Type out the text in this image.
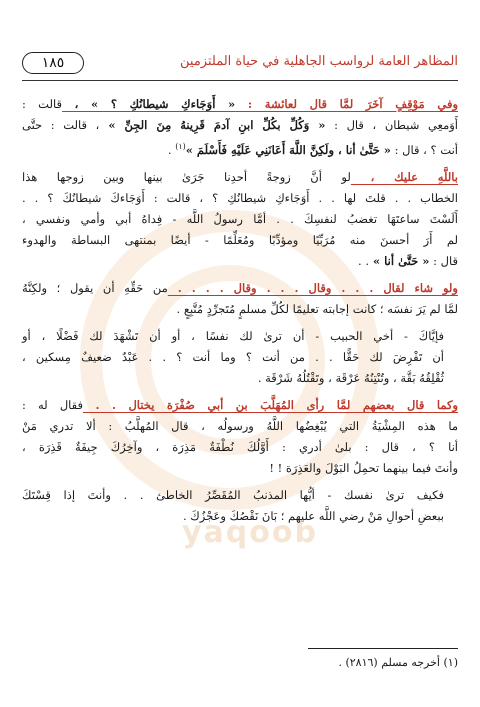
yaqoob
المظاهر العامة لرواسب الجاهلية في حياة الملتزمين
١٨٥

وفي مَوْقِفٍ آخَرَ لمَّا قال لعائشة : « أَوَجَاءكِ شيطانُكِ ؟ » ، قالت :

أَوَمعِي شيطان ، قال : « وَكُلِّ بكُلِّ ابنِ آدمَ قَرِينهُ مِنَ الجِنِّ » ، قالت : حتَّى

أنت ؟ ، قال : « حَتَّىٰ أنا ، ولَكِنَّ اللَّهَ أَعَانَنِي عَلَيْهِ فَأَسْلَمَ »$^{(١)}$ .

باللَّهِ عليك ، لو أنَّ زوجةً أحدِنا جَرَىٰ بينها وبين زوجها هذا

الخطاب . . قلتَ لها . . أَوَجَاءكِ شيطانُكِ ؟ ، قالت : أَوَجَاءكَ شيطانُكَ ؟ . .

أَلَسْتَ ساعتَهَا تغضبُ لنفسِكَ . . أمَّا رسولُ اللَّه - فِداهُ أبي وأمي ونفسي ،

لم أَرَ أحسنَ منه مُرَبِّيًا ومؤدِّبًا ومُعَلِّمًا - أيضًا بمنتهى البساطة والهدوء

قال : « حَتَّىٰ أنا » . .

ولو شاء لقال . . . وقال . . . وقال . . . . من حَقِّهِ أن يقول ؛ ولكِنَّهُ

لمَّا لم يَرَ نفسَه ؛ كانت إجابته تعليمًا لكُلِّ مسلمٍ مُتَجرِّدٍ مُتَّبِعٍ .

فإيَّاكَ - أخي الحبيب - أن ترىٰ لك نفسًا ، أو أن تَشْهَدَ لك فَضْلًا ، أو

أن تَفْرِضَ لك حَقًّا . . من أنت ؟ وما أنت ؟ . . عَبْدٌ ضعيفٌ مِسكين ،

ثُقْلِقُهُ بَقَّة ، وتُنْتِنُهُ عَرْقَة ، وتَقْتُلُهُ شَرْقَة .

وكما قال بعضهم لمَّا رأى المُهَلَّبَ بن أبي صُفْرَة يختال . . فقال له :

ما هذه المِشْيَةُ التي يُبْغِضُها اللَّهُ ورسولُه ، قال المُهلَّبُ : ألا تدري مَنْ

أنا ؟ ، قال : بلىٰ أدري : أَوَّلُكَ نُطْفَةٌ مَذِرَة ، وآخِرُكَ جِيفَةٌ قَذِرَة ،

وأنتَ فيما بينهما تحمِلُ البَوْلَ والعَذِرَة ! !

فكيف ترىٰ نفسك - أيُّها المذنبُ المُقَصِّرُ الخاطئ . . وأنتَ إذا قِسْتَكَ

ببعضِ أحوالِ مَنْ رضي اللَّه عليهم ؛ بَانَ نَقْصُكَ وعَجْزُكَ .

(١) أخرجه مسلم (٢٨١٦) .
